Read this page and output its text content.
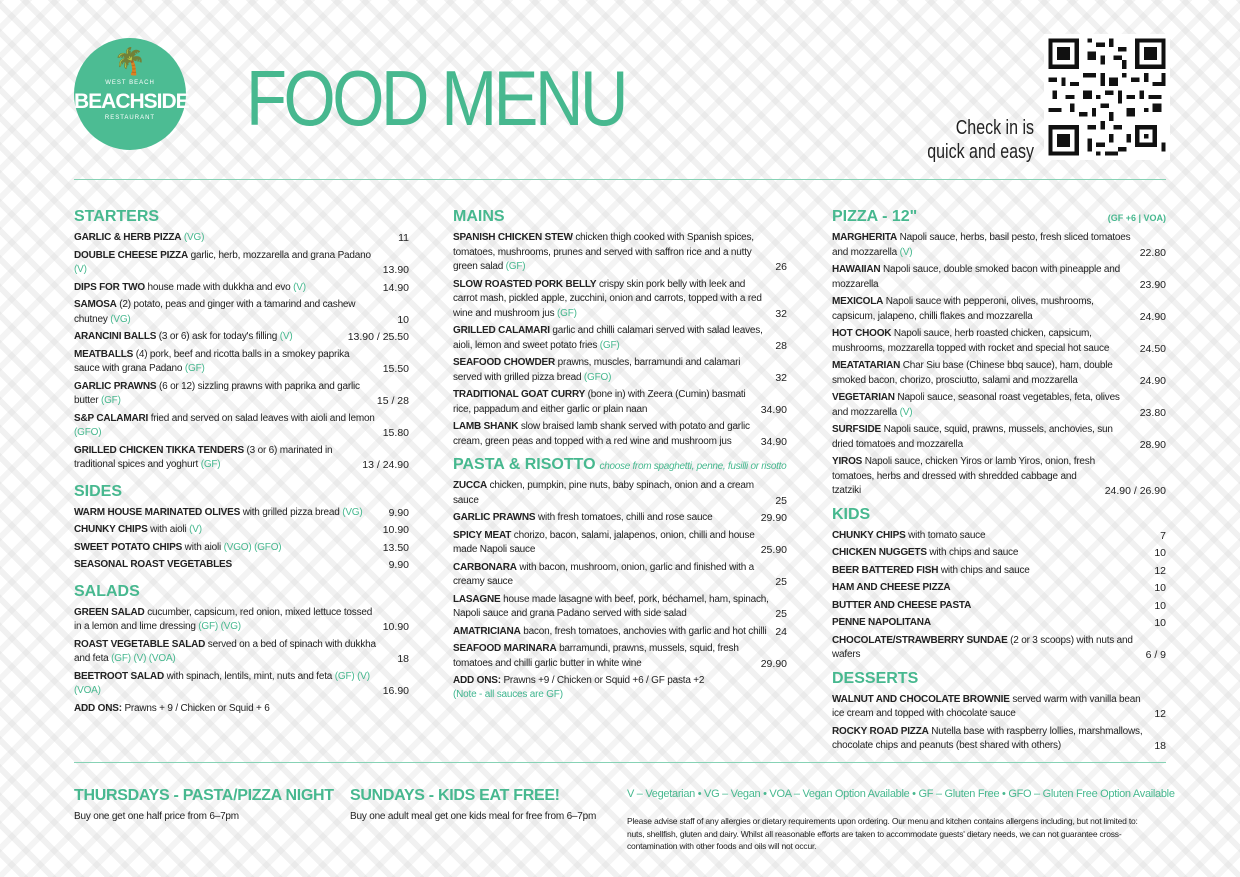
🌴
WEST BEACH
BEACHSIDE
RESTAURANT	FOOD MENU	Check in is
quick and easy
STARTERS
GARLIC & HERB PIZZA (VG)	11
DOUBLE CHEESE PIZZA garlic, herb, mozzarella and grana Padano (V)	13.90
DIPS FOR TWO house made with dukkha and evo (V)	14.90
SAMOSA (2) potato, peas and ginger with a tamarind and cashew chutney (VG)	10
ARANCINI BALLS (3 or 6) ask for today's filling (V)	13.90 / 25.50
MEATBALLS (4) pork, beef and ricotta balls in a smokey paprika sauce with grana Padano (GF)	15.50
GARLIC PRAWNS (6 or 12) sizzling prawns with paprika and garlic butter (GF)	15 / 28
S&P CALAMARI fried and served on salad leaves with aioli and lemon (GFO)	15.80
GRILLED CHICKEN TIKKA TENDERS (3 or 6) marinated in traditional spices and yoghurt (GF)	13 / 24.90
SIDES
WARM HOUSE MARINATED OLIVES with grilled pizza bread (VG)	9.90
CHUNKY CHIPS with aioli (V)	10.90
SWEET POTATO CHIPS with aioli (VGO) (GFO)	13.50
SEASONAL ROAST VEGETABLES	9.90
SALADS
GREEN SALAD cucumber, capsicum, red onion, mixed lettuce tossed in a lemon and lime dressing (GF) (VG)	10.90
ROAST VEGETABLE SALAD served on a bed of spinach with dukkha and feta (GF) (V) (VOA)	18
BEETROOT SALAD with spinach, lentils, mint, nuts and feta (GF) (V) (VOA)	16.90
ADD ONS: Prawns + 9 / Chicken or Squid + 6
MAINS
SPANISH CHICKEN STEW chicken thigh cooked with Spanish spices, tomatoes, mushrooms, prunes and served with saffron rice and a nutty green salad (GF)	26
SLOW ROASTED PORK BELLY crispy skin pork belly with leek and carrot mash, pickled apple, zucchini, onion and carrots, topped with a red wine and mushroom jus (GF)	32
GRILLED CALAMARI garlic and chilli calamari served with salad leaves, aioli, lemon and sweet potato fries (GF)	28
SEAFOOD CHOWDER prawns, muscles, barramundi and calamari served with grilled pizza bread (GFO)	32
TRADITIONAL GOAT CURRY (bone in) with Zeera (Cumin) basmati rice, pappadum and either garlic or plain naan	34.90
LAMB SHANK slow braised lamb shank served with potato and garlic cream, green peas and topped with a red wine and mushroom jus	34.90
PASTA & RISOTTO choose from spaghetti, penne, fusilli or risotto
ZUCCA chicken, pumpkin, pine nuts, baby spinach, onion and a cream sauce	25
GARLIC PRAWNS with fresh tomatoes, chilli and rose sauce	29.90
SPICY MEAT chorizo, bacon, salami, jalapenos, onion, chilli and house made Napoli sauce	25.90
CARBONARA with bacon, mushroom, onion, garlic and finished with a creamy sauce	25
LASAGNE house made lasagne with beef, pork, béchamel, ham, spinach, Napoli sauce and grana Padano served with side salad	25
AMATRICIANA bacon, fresh tomatoes, anchovies with garlic and hot chilli 24
SEAFOOD MARINARA barramundi, prawns, mussels, squid, fresh tomatoes and chilli garlic butter in white wine	29.90
ADD ONS: Prawns +9 / Chicken or Squid +6 / GF pasta +2
(Note - all sauces are GF)
PIZZA - 12"	(GF +6 | VOA)
MARGHERITA Napoli sauce, herbs, basil pesto, fresh sliced tomatoes and mozzarella (V)	22.80
HAWAIIAN Napoli sauce, double smoked bacon with pineapple and mozzarella	23.90
MEXICOLA Napoli sauce with pepperoni, olives, mushrooms, capsicum, jalapeno, chilli flakes and mozzarella	24.90
HOT CHOOK Napoli sauce, herb roasted chicken, capsicum, mushrooms, mozzarella topped with rocket and special hot sauce	24.50
MEATATARIAN Char Siu base (Chinese bbq sauce), ham, double smoked bacon, chorizo, prosciutto, salami and mozzarella	24.90
VEGETARIAN Napoli sauce, seasonal roast vegetables, feta, olives and mozzarella (V)	23.80
SURFSIDE Napoli sauce, squid, prawns, mussels, anchovies, sun dried tomatoes and mozzarella	28.90
YIROS Napoli sauce, chicken Yiros or lamb Yiros, onion, fresh tomatoes, herbs and dressed with shredded cabbage and tzatziki	24.90 / 26.90
KIDS
CHUNKY CHIPS with tomato sauce	7
CHICKEN NUGGETS with chips and sauce	10
BEER BATTERED FISH with chips and sauce	12
HAM AND CHEESE PIZZA	10
BUTTER AND CHEESE PASTA	10
PENNE NAPOLITANA	10
CHOCOLATE/STRAWBERRY SUNDAE (2 or 3 scoops) with nuts and wafers	6 / 9
DESSERTS
WALNUT AND CHOCOLATE BROWNIE served warm with vanilla bean ice cream and topped with chocolate sauce	12
ROCKY ROAD PIZZA Nutella base with raspberry lollies, marshmallows, chocolate chips and peanuts (best shared with others)	18
THURSDAYS - PASTA/PIZZA NIGHT
Buy one get one half price from 6–7pm
SUNDAYS - KIDS EAT FREE!
Buy one adult meal get one kids meal for free from 6–7pm
V – Vegetarian • VG – Vegan • VOA – Vegan Option Available • GF – Gluten Free • GFO – Gluten Free Option Available
Please advise staff of any allergies or dietary requirements upon ordering. Our menu and kitchen contains allergens including, but not limited to: nuts, shellfish, gluten and dairy. Whilst all reasonable efforts are taken to accommodate guests' dietary needs, we can not guarantee cross-contamination with other foods and oils will not occur.
